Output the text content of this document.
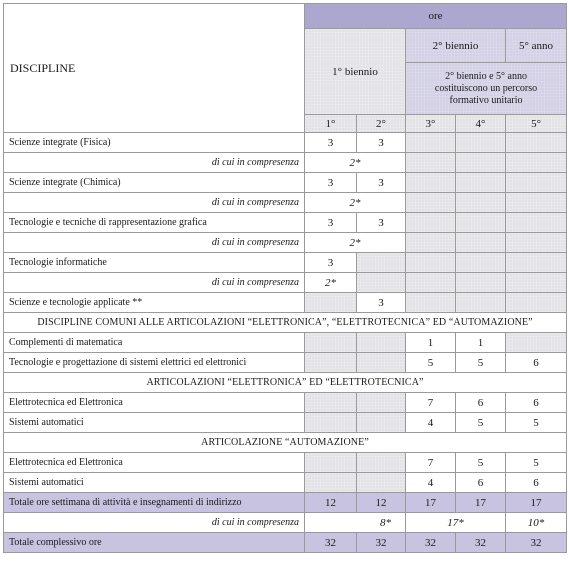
DISCIPLINE	ore				
	1° biennio		2° biennio		5° anno
			2° biennio e 5° anno costituiscono un percorso formativo unitario		
	1°	2°	3°	4°	5°
Scienze integrate (Fisica)	3	3			
di cui in compresenza	2*				
Scienze integrate (Chimica)	3	3			
di cui in compresenza	2*				
Tecnologie e tecniche di rappresentazione grafica	3	3			
di cui in compresenza	2*				
Tecnologie informatiche	3				
di cui in compresenza	2*				
Scienze e tecnologie applicate **		3			
DISCIPLINE COMUNI ALLE ARTICOLAZIONI “ELETTRONICA”, “ELETTROTECNICA” ED “AUTOMAZIONE”					
Complementi di matematica			1	1	
Tecnologie e progettazione di sistemi elettrici ed elettronici			5	5	6
ARTICOLAZIONI “ELETTRONICA” ED “ELETTROTECNICA”					
Elettrotecnica ed Elettronica			7	6	6
Sistemi automatici			4	5	5
ARTICOLAZIONE “AUTOMAZIONE”					
Elettrotecnica ed Elettronica			7	5	5
Sistemi automatici			4	6	6
Totale ore settimana di attività e insegnamenti di indirizzo	12	12	17	17	17
di cui in compresenza	8*		17*		10*
Totale complessivo ore	32	32	32	32	32
